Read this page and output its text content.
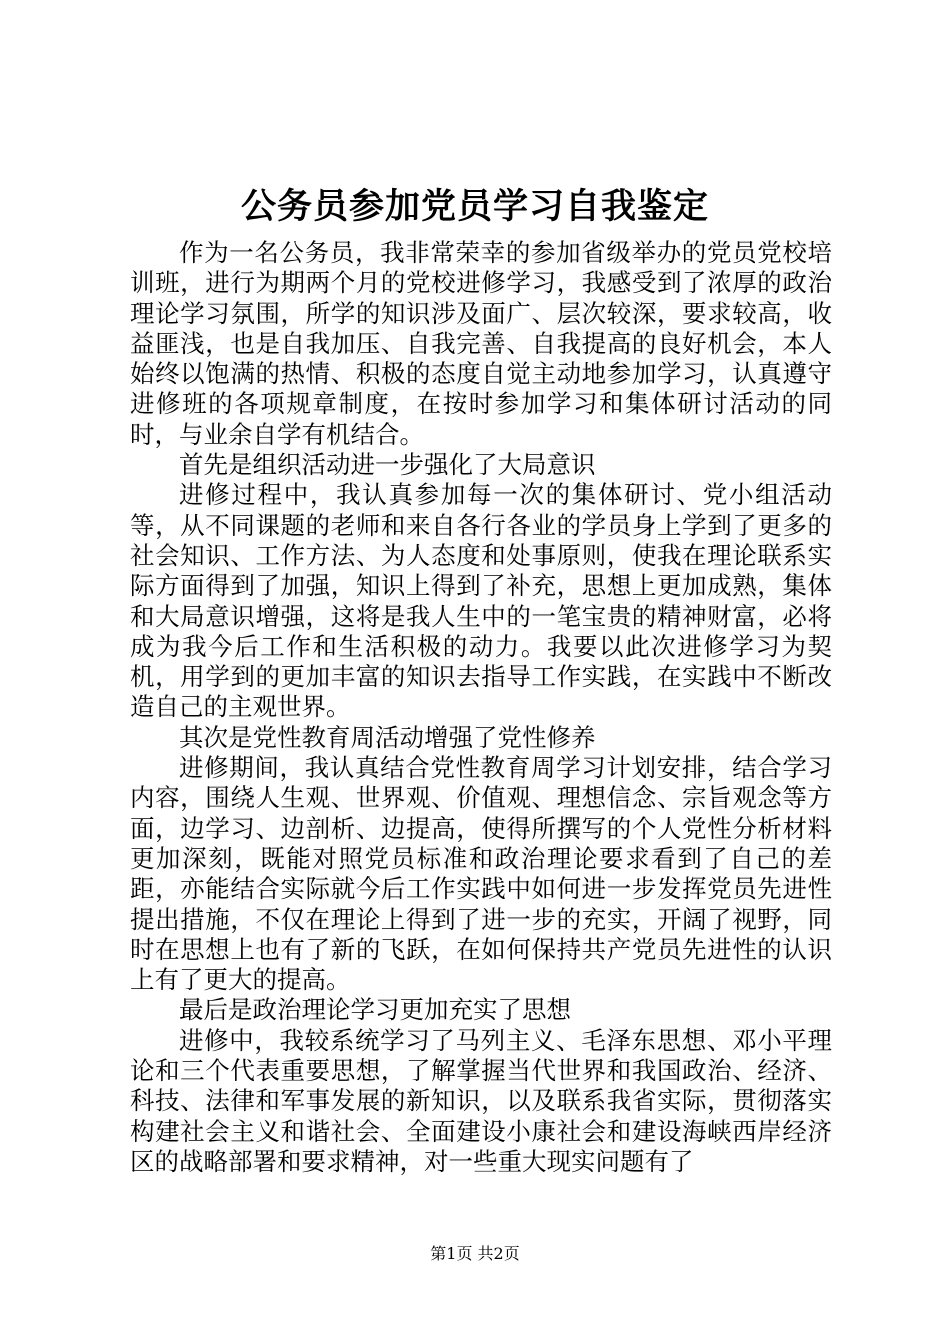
公务员参加党员学习自我鉴定

作为一名公务员，我非常荣幸的参加省级举办的党员党校培训班，进行为期两个月的党校进修学习，我感受到了浓厚的政治理论学习氛围，所学的知识涉及面广、层次较深，要求较高，收益匪浅，也是自我加压、自我完善、自我提高的良好机会，本人始终以饱满的热情、积极的态度自觉主动地参加学习，认真遵守进修班的各项规章制度，在按时参加学习和集体研讨活动的同时，与业余自学有机结合。

首先是组织活动进一步强化了大局意识

进修过程中，我认真参加每一次的集体研讨、党小组活动等，从不同课题的老师和来自各行各业的学员身上学到了更多的社会知识、工作方法、为人态度和处事原则，使我在理论联系实际方面得到了加强，知识上得到了补充，思想上更加成熟，集体和大局意识增强，这将是我人生中的一笔宝贵的精神财富，必将成为我今后工作和生活积极的动力。我要以此次进修学习为契机，用学到的更加丰富的知识去指导工作实践，在实践中不断改造自己的主观世界。

其次是党性教育周活动增强了党性修养

进修期间，我认真结合党性教育周学习计划安排，结合学习内容，围绕人生观、世界观、价值观、理想信念、宗旨观念等方面，边学习、边剖析、边提高，使得所撰写的个人党性分析材料更加深刻，既能对照党员标准和政治理论要求看到了自己的差距，亦能结合实际就今后工作实践中如何进一步发挥党员先进性提出措施，不仅在理论上得到了进一步的充实，开阔了视野，同时在思想上也有了新的飞跃，在如何保持共产党员先进性的认识上有了更大的提高。

最后是政治理论学习更加充实了思想

进修中，我较系统学习了马列主义、毛泽东思想、邓小平理论和三个代表重要思想，了解掌握当代世界和我国政治、经济、科技、法律和军事发展的新知识，以及联系我省实际，贯彻落实构建社会主义和谐社会、全面建设小康社会和建设海峡西岸经济区的战略部署和要求精神，对一些重大现实问题有了

第1页 共2页
